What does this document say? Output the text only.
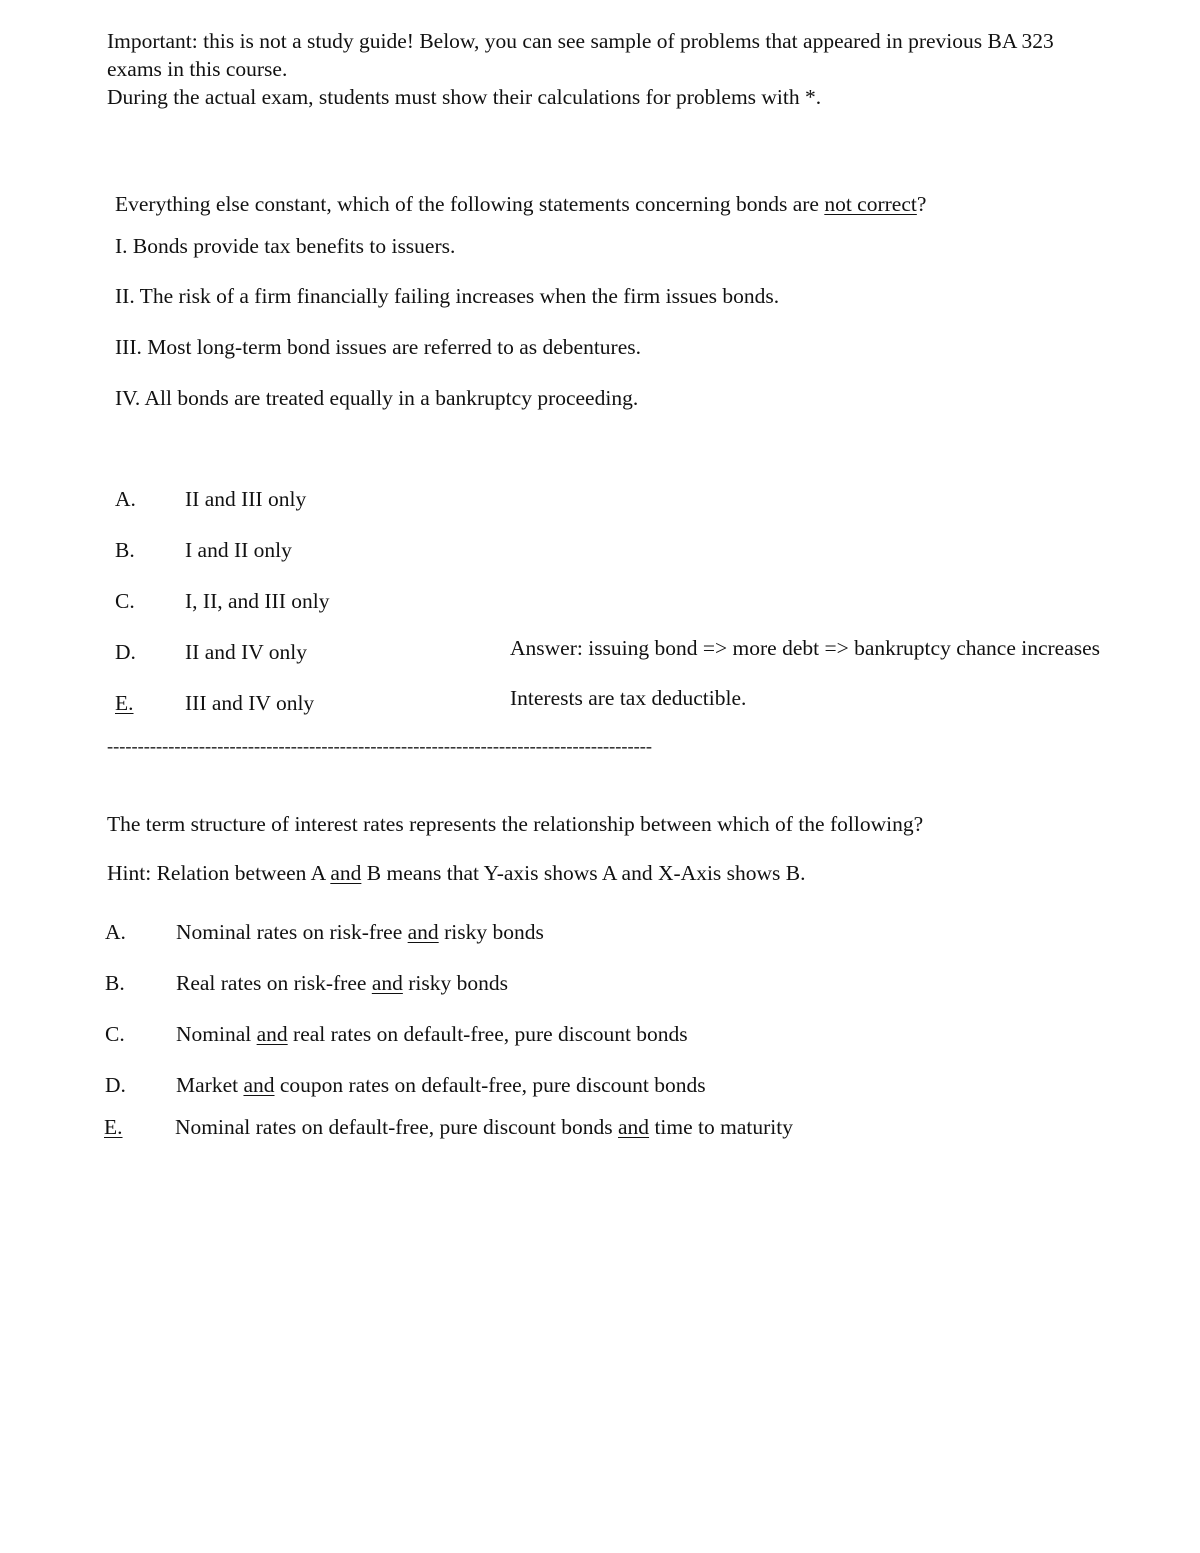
Important: this is not a study guide! Below, you can see sample of problems that appeared in previous BA 323
exams in this course.
During the actual exam, students must show their calculations for problems with *.
Everything else constant, which of the following statements concerning bonds are not correct?
I. Bonds provide tax benefits to issuers.
II. The risk of a firm financially failing increases when the firm issues bonds.
III. Most long-term bond issues are referred to as debentures.
IV. All bonds are treated equally in a bankruptcy proceeding.
A. II and III only
B. I and II only
C. I, II, and III only
D. II and IV only
E. III and IV only
Answer: issuing bond => more debt => bankruptcy chance increases
Interests are tax deductible.
-----------------------------------------------------------------------------------------
The term structure of interest rates represents the relationship between which of the following?
Hint: Relation between A and B means that Y-axis shows A and X-Axis shows B.
A. Nominal rates on risk-free and risky bonds
B. Real rates on risk-free and risky bonds
C. Nominal and real rates on default-free, pure discount bonds
D. Market and coupon rates on default-free, pure discount bonds
E. Nominal rates on default-free, pure discount bonds and time to maturity
